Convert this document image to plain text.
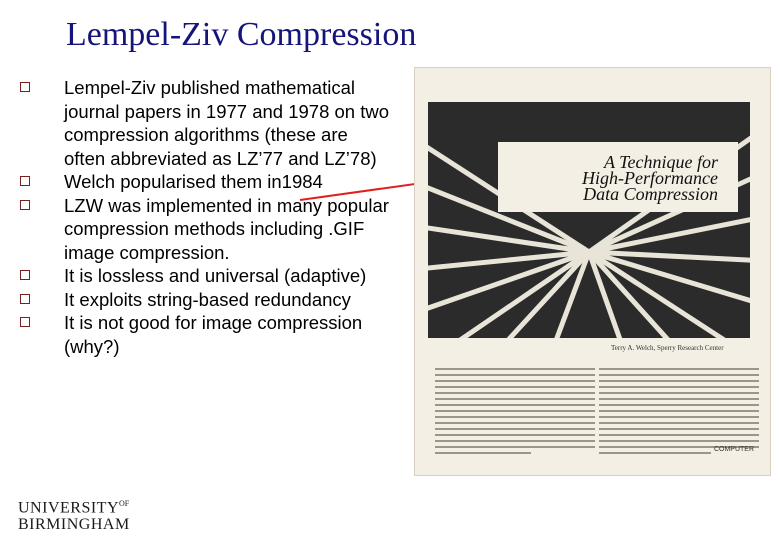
Lempel-Ziv Compression
Lempel-Ziv published mathematical journal papers in 1977 and 1978 on two compression algorithms (these are often abbreviated as LZ’77 and LZ’78)
Welch popularised them in1984
LZW was implemented in many popular compression methods including .GIF image compression.
It is lossless and universal (adaptive)
It exploits string-based redundancy
It is not good for image compression (why?)
A Technique for
High-Performance
Data Compression
Terry A. Welch, Sperry Research Center
COMPUTER
$UNIVERSITY^{OF}$
BIRMINGHAM
